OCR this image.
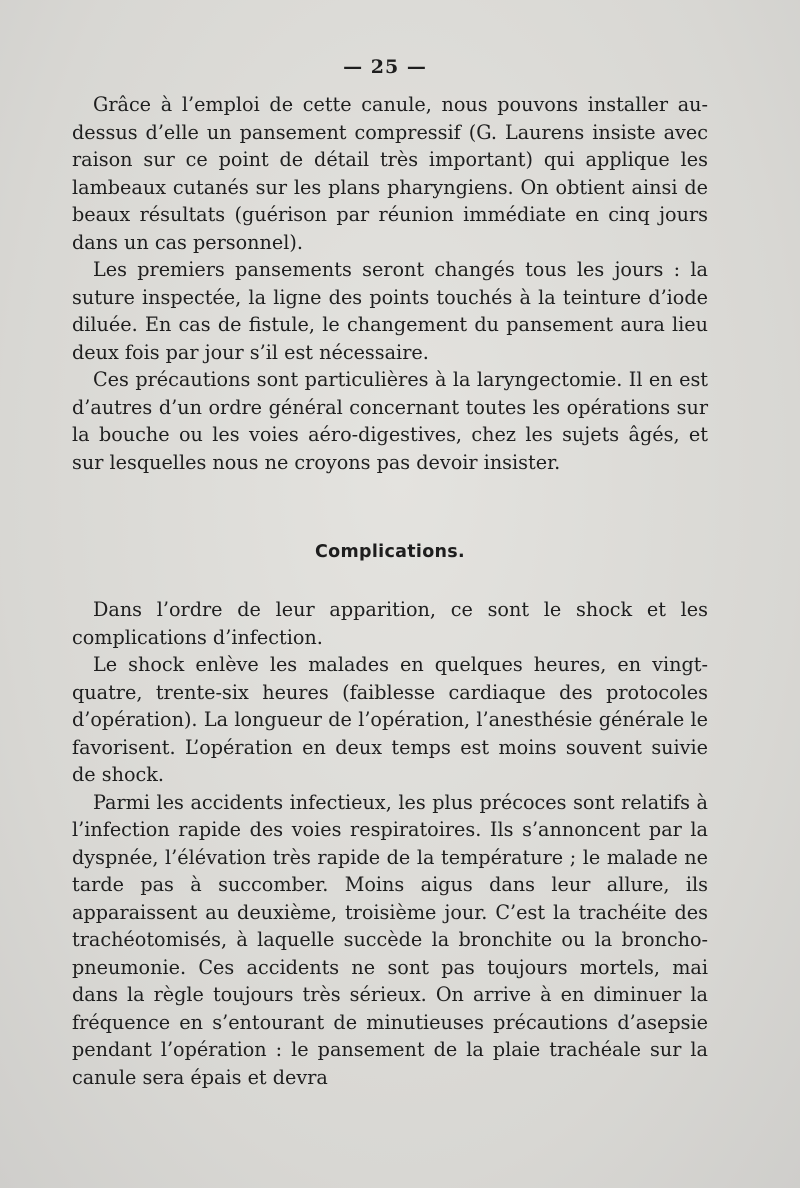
— 25 —

Grâce à l’emploi de cette canule, nous pouvons installer au-dessus d’elle un pansement compressif (G. Laurens insiste avec raison sur ce point de détail très important) qui applique les lambeaux cutanés sur les plans pharyngiens. On obtient ainsi de beaux résultats (guérison par réunion immédiate en cinq jours dans un cas personnel).

Les premiers pansements seront changés tous les jours : la suture inspectée, la ligne des points touchés à la teinture d’iode diluée. En cas de fistule, le changement du pansement aura lieu deux fois par jour s’il est nécessaire.

Ces précautions sont particulières à la laryngectomie. Il en est d’autres d’un ordre général concernant toutes les opérations sur la bouche ou les voies aéro-digestives, chez les sujets âgés, et sur lesquelles nous ne croyons pas devoir insister.

Complications.

Dans l’ordre de leur apparition, ce sont le shock et les complications d’infection.

Le shock enlève les malades en quelques heures, en vingt-quatre, trente-six heures (faiblesse cardiaque des protocoles d’opération). La longueur de l’opération, l’anesthésie générale le favorisent. L’opération en deux temps est moins souvent suivie de shock.

Parmi les accidents infectieux, les plus précoces sont relatifs à l’infection rapide des voies respiratoires. Ils s’annoncent par la dyspnée, l’élévation très rapide de la température ; le malade ne tarde pas à succomber. Moins aigus dans leur allure, ils apparaissent au deuxième, troisième jour. C’est la trachéite des trachéotomisés, à laquelle succède la bronchite ou la broncho-pneumonie. Ces accidents ne sont pas toujours mortels, mai dans la règle toujours très sérieux. On arrive à en diminuer la fréquence en s’entourant de minutieuses précautions d’asepsie pendant l’opération : le pansement de la plaie trachéale sur la canule sera épais et devra
